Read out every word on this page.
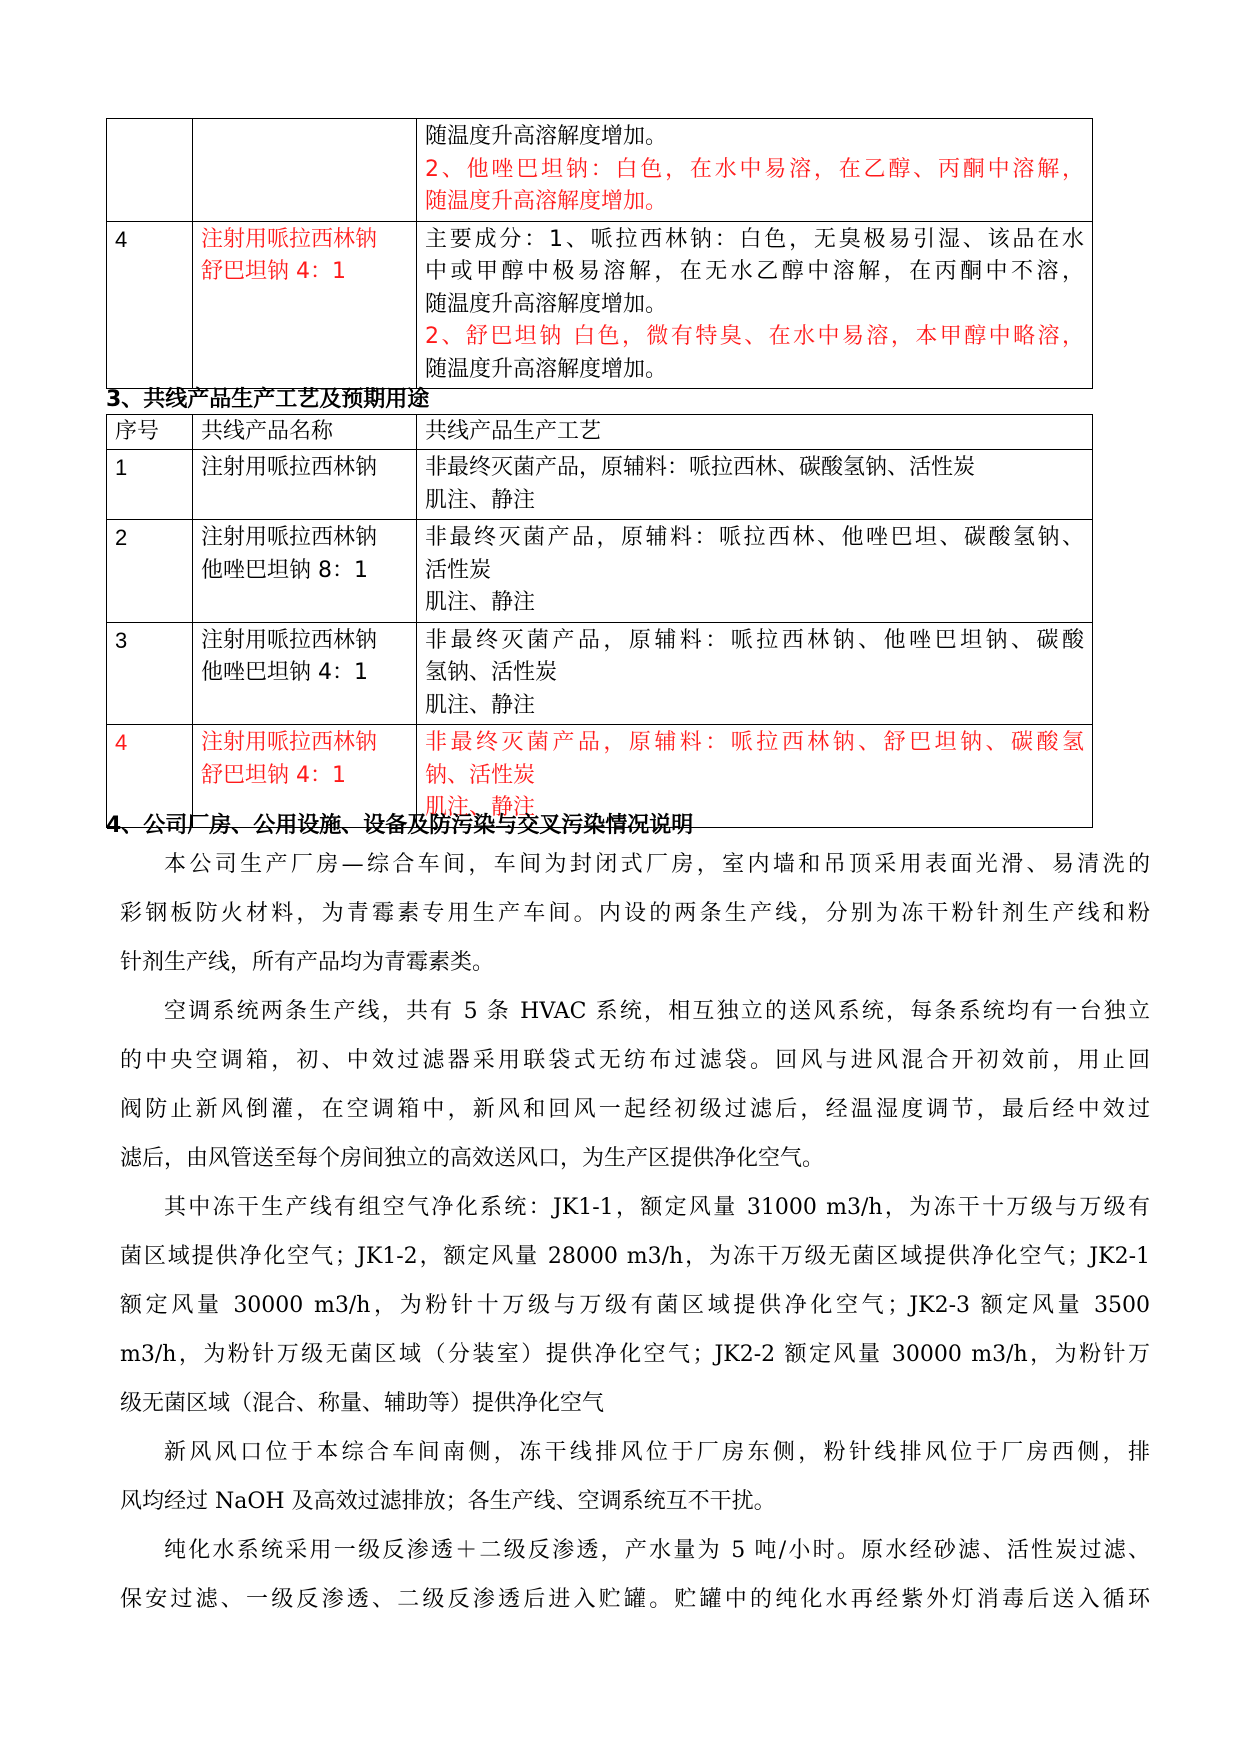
		随温度升高溶解度增加。
2、他唑巴坦钠：白色，在水中易溶，在乙醇、丙酮中溶解，
随温度升高溶解度增加。

4	注射用哌拉西林钠
舒巴坦钠 4：1	主要成分：1、哌拉西林钠：白色，无臭极易引湿、该品在水
中或甲醇中极易溶解，在无水乙醇中溶解，在丙酮中不溶，
随温度升高溶解度增加。
2、舒巴坦钠 白色，微有特臭、在水中易溶，本甲醇中略溶，
随温度升高溶解度增加。
3、共线产品生产工艺及预期用途
序号	共线产品名称	共线产品生产工艺
1	注射用哌拉西林钠	非最终灭菌产品，原辅料：哌拉西林、碳酸氢钠、活性炭
肌注、静注

2	注射用哌拉西林钠
他唑巴坦钠 8：1	非最终灭菌产品，原辅料：哌拉西林、他唑巴坦、碳酸氢钠、
活性炭
肌注、静注

3	注射用哌拉西林钠
他唑巴坦钠 4：1	非最终灭菌产品，原辅料：哌拉西林钠、他唑巴坦钠、碳酸
氢钠、活性炭
肌注、静注

4	注射用哌拉西林钠
舒巴坦钠 4：1	非最终灭菌产品，原辅料：哌拉西林钠、舒巴坦钠、碳酸氢
钠、活性炭
肌注、静注
4、公司厂房、公用设施、设备及防污染与交叉污染情况说明
本公司生产厂房—综合车间，车间为封闭式厂房，室内墙和吊顶采用表面光滑、易清洗的
彩钢板防火材料，为青霉素专用生产车间。内设的两条生产线，分别为冻干粉针剂生产线和粉
针剂生产线，所有产品均为青霉素类。
空调系统两条生产线，共有 5 条 HVAC 系统，相互独立的送风系统，每条系统均有一台独立
的中央空调箱，初、中效过滤器采用联袋式无纺布过滤袋。回风与进风混合开初效前，用止回
阀防止新风倒灌，在空调箱中，新风和回风一起经初级过滤后，经温湿度调节，最后经中效过
滤后，由风管送至每个房间独立的高效送风口，为生产区提供净化空气。
其中冻干生产线有组空气净化系统：JK1-1，额定风量 31000 m3/h，为冻干十万级与万级有
菌区域提供净化空气；JK1-2，额定风量 28000 m3/h，为冻干万级无菌区域提供净化空气；JK2-1
额定风量 30000 m3/h，为粉针十万级与万级有菌区域提供净化空气；JK2-3 额定风量 3500
m3/h，为粉针万级无菌区域（分装室）提供净化空气；JK2-2 额定风量 30000 m3/h，为粉针万
级无菌区域（混合、称量、辅助等）提供净化空气
新风风口位于本综合车间南侧，冻干线排风位于厂房东侧，粉针线排风位于厂房西侧，排
风均经过 NaOH 及高效过滤排放；各生产线、空调系统互不干扰。
纯化水系统采用一级反渗透＋二级反渗透，产水量为 5 吨/小时。原水经砂滤、活性炭过滤、
保安过滤、一级反渗透、二级反渗透后进入贮罐。贮罐中的纯化水再经紫外灯消毒后送入循环
